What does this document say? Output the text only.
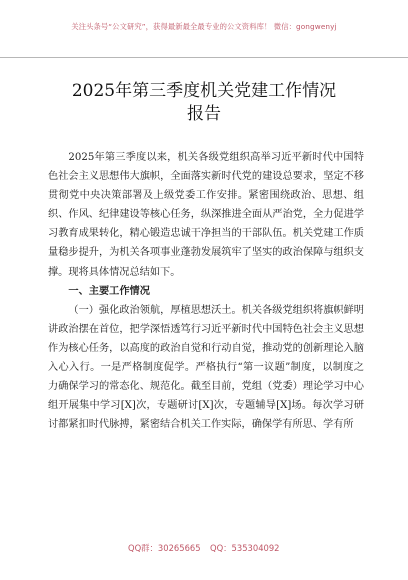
关注头条号“公文研究”，获得最新最全最专业的公文资料库！ 微信：gongwenyj
2025年第三季度机关党建工作情况
报告

2025年第三季度以来，机关各级党组织高举习近平新时代中国特色社会主义思想伟大旗帜，全面落实新时代党的建设总要求，坚定不移贯彻党中央决策部署及上级党委工作安排。紧密围绕政治、思想、组织、作风、纪律建设等核心任务，纵深推进全面从严治党，全力促进学习教育成果转化，精心锻造忠诚干净担当的干部队伍。机关党建工作质量稳步提升，为机关各项事业蓬勃发展筑牢了坚实的政治保障与组织支撑。现将具体情况总结如下。

一、主要工作情况

（一）强化政治领航，厚植思想沃土。机关各级党组织将旗帜鲜明讲政治摆在首位，把学深悟透笃行习近平新时代中国特色社会主义思想作为核心任务，以高度的政治自觉和行动自觉，推动党的创新理论入脑入心入行。一是严格制度促学。严格执行“第一议题”制度，以制度之力确保学习的常态化、规范化。截至目前，党组（党委）理论学习中心组开展集中学习[X]次，专题研讨[X]次，专题辅导[X]场。每次学习研讨都紧扣时代脉搏，紧密结合机关工作实际，确保学有所思、学有所

QQ群：30265665 QQ：535304092
